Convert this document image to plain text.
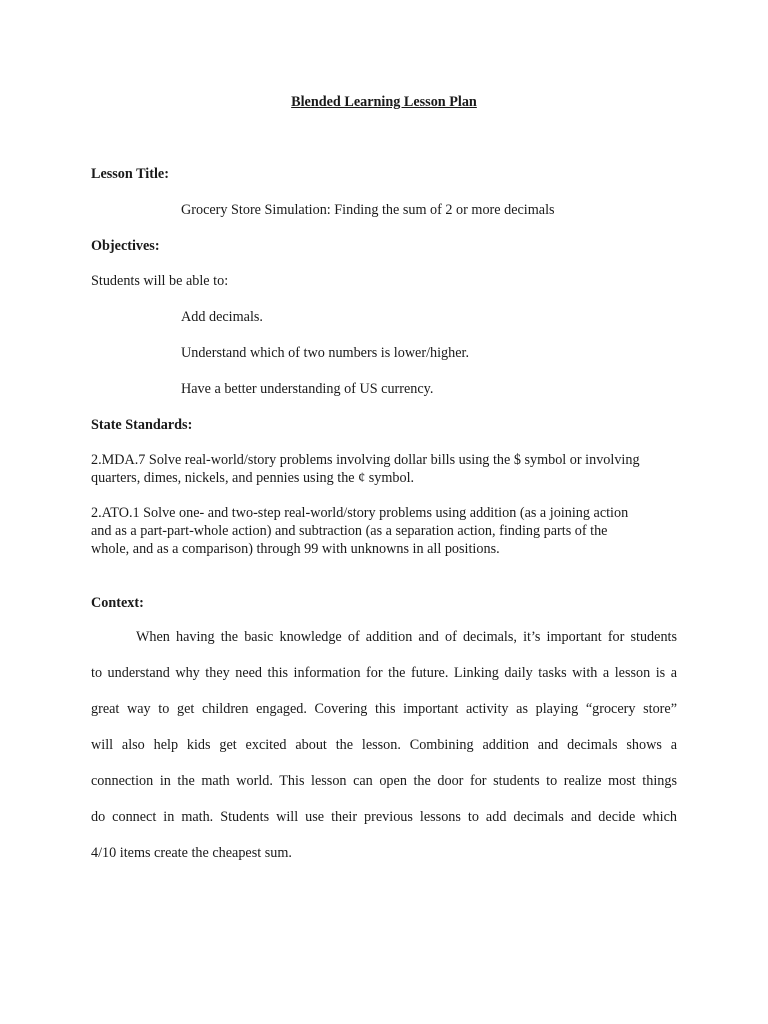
Blended Learning Lesson Plan
Lesson Title:
Grocery Store Simulation: Finding the sum of 2 or more decimals
Objectives:
Students will be able to:
Add decimals.
Understand which of two numbers is lower/higher.
Have a better understanding of US currency.
State Standards:
2.MDA.7 Solve real-world/story problems involving dollar bills using the $ symbol or involving
quarters, dimes, nickels, and pennies using the ¢ symbol.
2.ATO.1 Solve one- and two-step real-world/story problems using addition (as a joining action
and as a part-part-whole action) and subtraction (as a separation action, finding parts of the
whole, and as a comparison) through 99 with unknowns in all positions.
Context:
When having the basic knowledge of addition and of decimals, it’s important for students
to understand why they need this information for the future. Linking daily tasks with a lesson is a
great way to get children engaged. Covering this important activity as playing “grocery store”
will also help kids get excited about the lesson. Combining addition and decimals shows a
connection in the math world. This lesson can open the door for students to realize most things
do connect in math. Students will use their previous lessons to add decimals and decide which
4/10 items create the cheapest sum.
